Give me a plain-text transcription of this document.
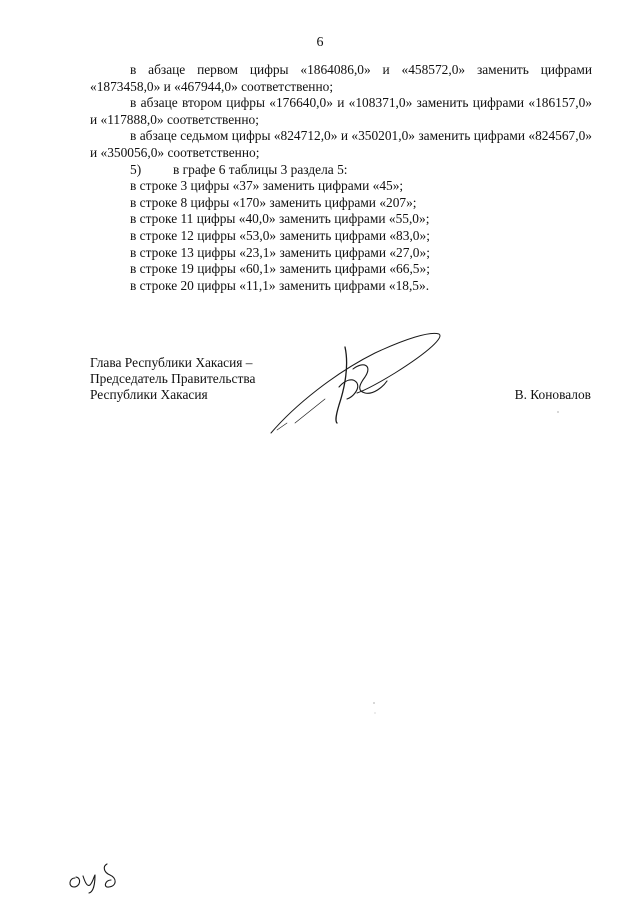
6

в абзаце первом цифры «1864086,0» и «458572,0» заменить цифрами «1873458,0» и «467944,0» соответственно;

в абзаце втором цифры «176640,0» и «108371,0» заменить цифрами «186157,0» и «117888,0» соответственно;

в абзаце седьмом цифры «824712,0» и «350201,0» заменить цифрами «824567,0» и «350056,0» соответственно;

5)	в графе 6 таблицы 3 раздела 5:
в строке 3 цифры «37» заменить цифрами «45»;
в строке 8 цифры «170» заменить цифрами «207»;
в строке 11 цифры «40,0» заменить цифрами «55,0»;
в строке 12 цифры «53,0» заменить цифрами «83,0»;
в строке 13 цифры «23,1» заменить цифрами «27,0»;
в строке 19 цифры «60,1» заменить цифрами «66,5»;
в строке 20 цифры «11,1» заменить цифрами «18,5».
Глава Республики Хакасия –
Председатель Правительства
Республики Хакасия	В. Коновалов
